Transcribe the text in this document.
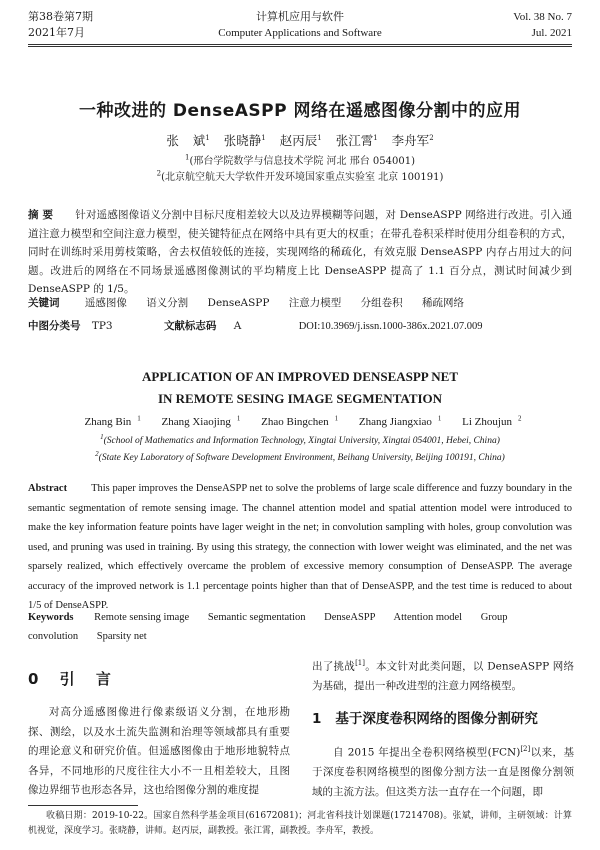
第38卷第7期
2021年7月
计算机应用与软件
Computer Applications and Software
Vol. 38 No. 7
Jul. 2021
一种改进的 DenseASPP 网络在遥感图像分割中的应用
张 斌$^1$ 张晓静$^1$ 赵丙辰$^1$ 张江霄$^1$ 李舟军$^2$
$^1$(邢台学院数学与信息技术学院 河北 邢台 054001)
$^2$(北京航空航天大学软件开发环境国家重点实验室 北京 100191)
摘 要 针对遥感图像语义分割中目标尺度相差较大以及边界模糊等问题，对 DenseASPP 网络进行改进。引入通道注意力模型和空间注意力模型，使关键特征点在网络中具有更大的权重；在带孔卷积采样时使用分组卷积的方式，同时在训练时采用剪枝策略，舍去权值较低的连接，实现网络的稀疏化，有效克服 DenseASPP 内存占用过大的问题。改进后的网络在不同场景遥感图像测试的平均精度上比 DenseASPP 提高了 1.1 百分点，测试时间减少到 DenseASPP 的 1/5。
关键词 遥感图像 语义分割 DenseASPP 注意力模型 分组卷积 稀疏网络
中图分类号 TP3	文献标志码 A	DOI:10.3969/j.issn.1000-386x.2021.07.009
APPLICATION OF AN IMPROVED DENSEASPP NET
IN REMOTE SESING IMAGE SEGMENTATION
Zhang Bin $^1$ Zhang Xiaojing $^1$ Zhao Bingchen $^1$ Zhang Jiangxiao $^1$ Li Zhoujun $^2$
$^1$(School of Mathematics and Information Technology, Xingtai University, Xingtai 054001, Hebei, China)
$^2$(State Key Laboratory of Software Development Environment, Beihang University, Beijing 100191, China)
Abstract This paper improves the DenseASPP net to solve the problems of large scale difference and fuzzy boundary in the semantic segmentation of remote sensing image. The channel attention model and spatial attention model were introduced to make the key information feature points have lager weight in the net; in convolution sampling with holes, group convolution was used, and pruning was used in training. By using this strategy, the connection with lower weight was eliminated, and the net was sparsely realized, which effectively overcame the problem of excessive memory consumption of DenseASPP. The average accuracy of the improved network is 1.1 percentage points higher than that of DenseASPP, and the test time is reduced to about 1/5 of DenseASPP.
Keywords Remote sensing image Semantic segmentation DenseASPP Attention model Group convolution Sparsity net
0 引 言
对高分遥感图像进行像素级语义分割，在地形勘探、测绘，以及水土流失监测和治理等领域都具有重要的理论意义和研究价值。但遥感图像由于地形地貌特点各异，不同地形的尺度往往大小不一且相差较大，且图像边界细节也形态各异，这也给图像分割的难度提
出了挑战[1]。本文针对此类问题，以 DenseASPP 网络为基础，提出一种改进型的注意力网络模型。
1 基于深度卷积网络的图像分割研究
自 2015 年提出全卷积网络模型(FCN)[2]以来，基于深度卷积网络模型的图像分割方法一直是图像分割领域的主流方法。但这类方法一直存在一个问题，即
收稿日期：2019-10-22。国家自然科学基金项目(61672081)；河北省科技计划课题(17214708)。张斌，讲师，主研领域：计算机视觉，深度学习。张晓静，讲师。赵丙辰，副教授。张江霄，副教授。李舟军，教授。
